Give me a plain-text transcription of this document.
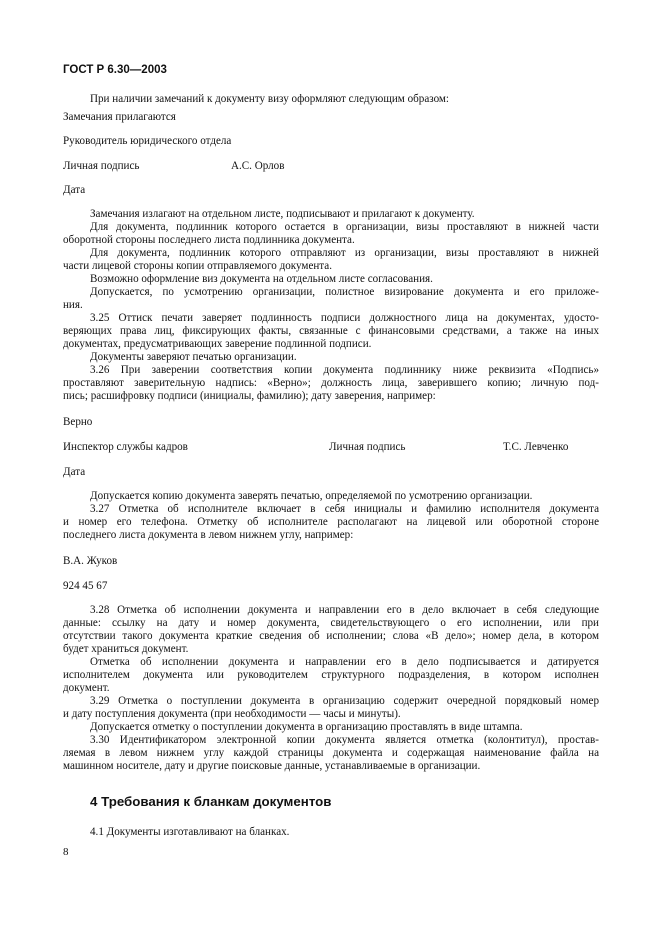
ГОСТ Р 6.30—2003
При наличии замечаний к документу визу оформляют следующим образом:
Замечания прилагаются
Руководитель юридического отдела
Личная подпись	А.С. Орлов
Дата
Замечания излагают на отдельном листе, подписывают и прилагают к документу.
Для документа, подлинник которого остается в организации, визы проставляют в нижней части
оборотной стороны последнего листа подлинника документа.
Для документа, подлинник которого отправляют из организации, визы проставляют в нижней
части лицевой стороны копии отправляемого документа.
Возможно оформление виз документа на отдельном листе согласования.
Допускается, по усмотрению организации, полистное визирование документа и его приложе-
ния.
3.25 Оттиск печати заверяет подлинность подписи должностного лица на документах, удосто-
веряющих права лиц, фиксирующих факты, связанные с финансовыми средствами, а также на иных
документах, предусматривающих заверение подлинной подписи.
Документы заверяют печатью организации.
3.26 При заверении соответствия копии документа подлиннику ниже реквизита «Подпись»
проставляют заверительную надпись: «Верно»; должность лица, заверившего копию; личную под-
пись; расшифровку подписи (инициалы, фамилию); дату заверения, например:
Верно
Инспектор службы кадров	Личная подпись	Т.С. Левченко
Дата
Допускается копию документа заверять печатью, определяемой по усмотрению организации.
3.27 Отметка об исполнителе включает в себя инициалы и фамилию исполнителя документа
и номер его телефона. Отметку об исполнителе располагают на лицевой или оборотной стороне
последнего листа документа в левом нижнем углу, например:
В.А. Жуков
924 45 67
3.28 Отметка об исполнении документа и направлении его в дело включает в себя следующие
данные: ссылку на дату и номер документа, свидетельствующего о его исполнении, или при
отсутствии такого документа краткие сведения об исполнении; слова «В дело»; номер дела, в котором
будет храниться документ.
Отметка об исполнении документа и направлении его в дело подписывается и датируется
исполнителем документа или руководителем структурного подразделения, в котором исполнен
документ.
3.29 Отметка о поступлении документа в организацию содержит очередной порядковый номер
и дату поступления документа (при необходимости — часы и минуты).
Допускается отметку о поступлении документа в организацию проставлять в виде штампа.
3.30 Идентификатором электронной копии документа является отметка (колонтитул), простав-
ляемая в левом нижнем углу каждой страницы документа и содержащая наименование файла на
машинном носителе, дату и другие поисковые данные, устанавливаемые в организации.
4 Требования к бланкам документов
4.1 Документы изготавливают на бланках.
8
